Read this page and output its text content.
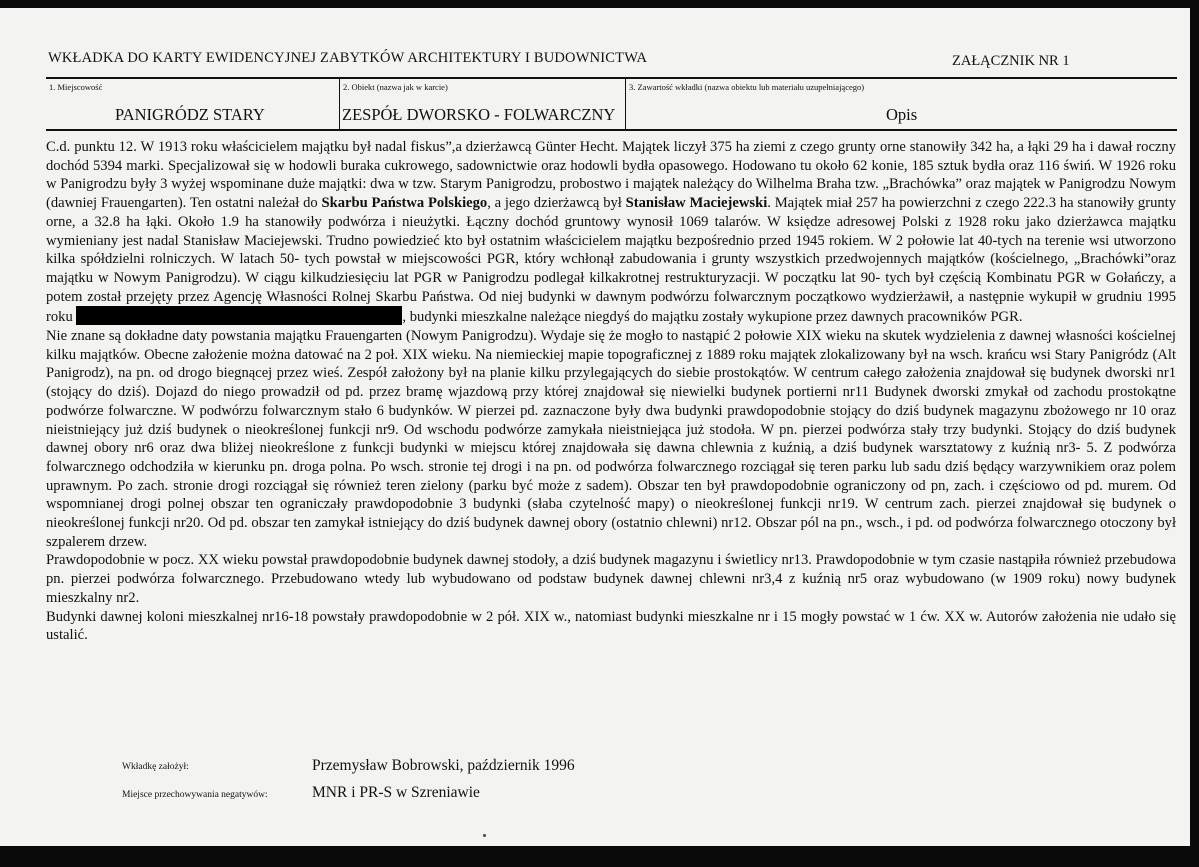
WKŁADKA DO KARTY EWIDENCYJNEJ ZABYTKÓW ARCHITEKTURY I BUDOWNICTWA	ZAŁĄCZNIK NR 1
1. Miejscowość
PANIGRÓDZ STARY
2. Obiekt (nazwa jak w karcie)
ZESPÓŁ DWORSKO - FOLWARCZNY
3. Zawartość wkładki (nazwa obiektu lub materiału uzupełniającego)
Opis

C.d. punktu 12. W 1913 roku właścicielem majątku był nadal fiskus”,a dzierżawcą Günter Hecht. Majątek liczył 375 ha ziemi z czego grunty orne stanowiły 342 ha, a łąki 29 ha i dawał roczny dochód 5394 marki. Specjalizował się w hodowli buraka cukrowego, sadownictwie oraz hodowli bydła opasowego. Hodowano tu około 62 konie, 185 sztuk bydła oraz 116 świń. W 1926 roku w Panigrodzu były 3 wyżej wspominane duże majątki: dwa w tzw. Starym Panigrodzu, probostwo i majątek należący do Wilhelma Braha tzw. „Brachówka” oraz majątek w Panigrodzu Nowym (dawniej Frauengarten). Ten ostatni należał do Skarbu Państwa Polskiego, a jego dzierżawcą był Stanisław Maciejewski. Majątek miał 257 ha powierzchni z czego 222.3 ha stanowiły grunty orne, a 32.8 ha łąki. Około 1.9 ha stanowiły podwórza i nieużytki. Łączny dochód gruntowy wynosił 1069 talarów. W księdze adresowej Polski z 1928 roku jako dzierżawca majątku wymieniany jest nadal Stanisław Maciejewski. Trudno powiedzieć kto był ostatnim właścicielem majątku bezpośrednio przed 1945 rokiem. W 2 połowie lat 40-tych na terenie wsi utworzono kilka spółdzielni rolniczych. W latach 50- tych powstał w miejscowości PGR, który wchłonął zabudowania i grunty wszystkich przedwojennych majątków (kościelnego, „Brachówki”oraz majątku w Nowym Panigrodzu). W ciągu kilkudziesięciu lat PGR w Panigrodzu podlegał kilkakrotnej restrukturyzacji. W początku lat 90- tych był częścią Kombinatu PGR w Gołańczy, a potem został przejęty przez Agencję Własności Rolnej Skarbu Państwa. Od niej budynki w dawnym podwórzu folwarcznym początkowo wydzierżawił, a następnie wykupił w grudniu 1995 roku	, budynki mieszkalne należące niegdyś do majątku zostały wykupione przez dawnych pracowników PGR.

Nie znane są dokładne daty powstania majątku Frauengarten (Nowym Panigrodzu). Wydaje się że mogło to nastąpić 2 połowie XIX wieku na skutek wydzielenia z dawnej własności kościelnej kilku majątków. Obecne założenie można datować na 2 poł. XIX wieku. Na niemieckiej mapie topograficznej z 1889 roku majątek zlokalizowany był na wsch. krańcu wsi Stary Panigródz (Alt Panigrodz), na pn. od drogo biegnącej przez wieś. Zespół założony był na planie kilku przylegających do siebie prostokątów. W centrum całego założenia znajdował się budynek dworski nr1 (stojący do dziś). Dojazd do niego prowadził od pd. przez bramę wjazdową przy której znajdował się niewielki budynek portierni nr11 Budynek dworski zmykał od zachodu prostokątne podwórze folwarczne. W podwórzu folwarcznym stało 6 budynków. W pierzei pd. zaznaczone były dwa budynki prawdopodobnie stojący do dziś budynek magazynu zbożowego nr 10 oraz nieistniejący już dziś budynek o nieokreślonej funkcji nr9. Od wschodu podwórze zamykała nieistniejąca już stodoła. W pn. pierzei podwórza stały trzy budynki. Stojący do dziś budynek dawnej obory nr6 oraz dwa bliżej nieokreślone z funkcji budynki w miejscu której znajdowała się dawna chlewnia z kuźnią, a dziś budynek warsztatowy z kuźnią nr3- 5. Z podwórza folwarcznego odchodziła w kierunku pn. droga polna. Po wsch. stronie tej drogi i na pn. od podwórza folwarcznego rozciągał się teren parku lub sadu dziś będący warzywnikiem oraz polem uprawnym. Po zach. stronie drogi rozciągał się również teren zielony (parku być może z sadem). Obszar ten był prawdopodobnie ograniczony od pn, zach. i częściowo od pd. murem. Od wspomnianej drogi polnej obszar ten ograniczały prawdopodobnie 3 budynki (słaba czytelność mapy) o nieokreślonej funkcji nr19. W centrum zach. pierzei znajdował się budynek o nieokreślonej funkcji nr20. Od pd. obszar ten zamykał istniejący do dziś budynek dawnej obory (ostatnio chlewni) nr12. Obszar pól na pn., wsch., i pd. od podwórza folwarcznego otoczony był szpalerem drzew.

Prawdopodobnie w pocz. XX wieku powstał prawdopodobnie budynek dawnej stodoły, a dziś budynek magazynu i świetlicy nr13. Prawdopodobnie w tym czasie nastąpiła również przebudowa pn. pierzei podwórza folwarcznego. Przebudowano wtedy lub wybudowano od podstaw budynek dawnej chlewni nr3,4 z kuźnią nr5 oraz wybudowano (w 1909 roku) nowy budynek mieszkalny nr2.

Budynki dawnej koloni mieszkalnej nr16-18 powstały prawdopodobnie w 2 pół. XIX w., natomiast budynki mieszkalne nr i 15 mogły powstać w 1 ćw. XX w. Autorów założenia nie udało się ustalić.

Wkładkę założył:	Przemysław Bobrowski, październik 1996
Miejsce przechowywania negatywów:	MNR i PR-S w Szreniawie
